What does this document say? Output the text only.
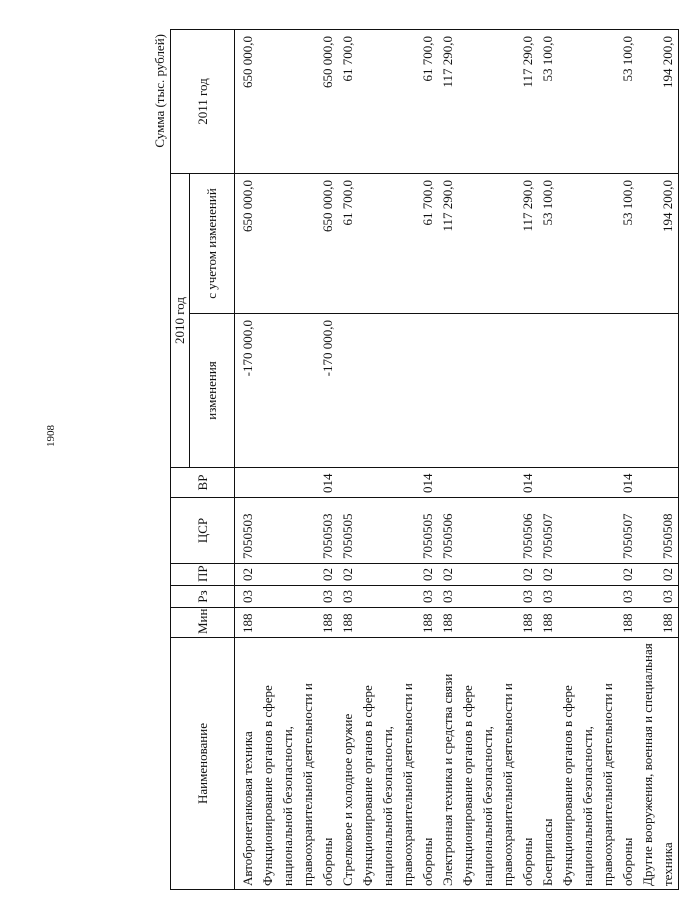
1908
Сумма (тыс. рублей)
Наименование	Мин	Рз	ПР	ЦСР	ВР	2010 год		2011 год
						изменения	с учетом изменений	

Автобронетанковая техника	188	03	02	7050503		-170 000,0	650 000,0	650 000,0
Функционирование органов в сфере национальной безопасности, правоохранительной деятельности и обороны	188	03	02	7050503	014	-170 000,0	650 000,0	650 000,0
Стрелковое и холодное оружие	188	03	02	7050505			61 700,0	61 700,0
Функционирование органов в сфере национальной безопасности, правоохранительной деятельности и обороны	188	03	02	7050505	014		61 700,0	61 700,0
Электронная техника и средства связи	188	03	02	7050506			117 290,0	117 290,0
Функционирование органов в сфере национальной безопасности, правоохранительной деятельности и обороны	188	03	02	7050506	014		117 290,0	117 290,0
Боеприпасы	188	03	02	7050507			53 100,0	53 100,0
Функционирование органов в сфере национальной безопасности, правоохранительной деятельности и обороны	188	03	02	7050507	014		53 100,0	53 100,0
Другие вооружения, военная и специальная техника	188	03	02	7050508			194 200,0	194 200,0
